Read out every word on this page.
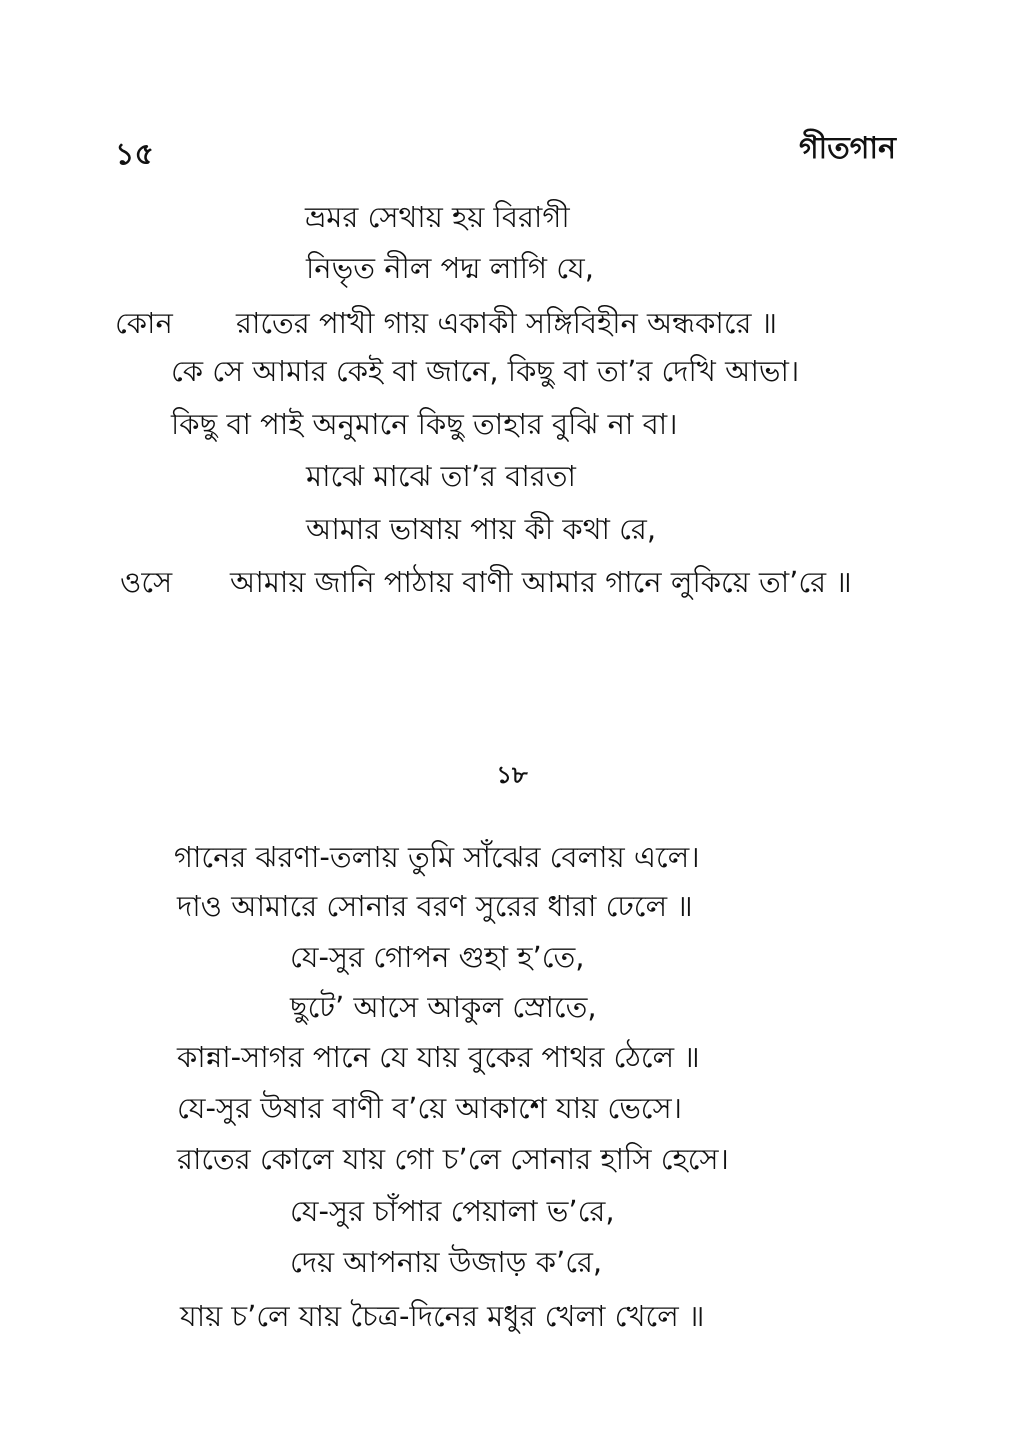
১৫	গীতগান
ভ্রমর সেথায় হয় বিরাগী
নিভৃত নীল পদ্ম লাগি যে,
কোন রাতের পাখী গায় একাকী সঙ্গিবিহীন অন্ধকারে ॥
কে সে আমার কেই বা জানে, কিছু বা তা’র দেখি আভা।
কিছু বা পাই অনুমানে কিছু তাহার বুঝি না বা।
মাঝে মাঝে তা’র বারতা
আমার ভাষায় পায় কী কথা রে,
ওসে আমায় জানি পাঠায় বাণী আমার গানে লুকিয়ে তা’রে ॥
১৮
গানের ঝরণা-তলায় তুমি সাঁঝের বেলায় এলে।
দাও আমারে সোনার বরণ সুরের ধারা ঢেলে ॥
যে-সুর গোপন গুহা হ’তে,
ছুটে’ আসে আকুল স্রোতে,
কান্না-সাগর পানে যে যায় বুকের পাথর ঠেলে ॥
যে-সুর উষার বাণী ব’য়ে আকাশে যায় ভেসে।
রাতের কোলে যায় গো চ’লে সোনার হাসি হেসে।
যে-সুর চাঁপার পেয়ালা ভ’রে,
দেয় আপনায় উজাড় ক’রে,
যায় চ’লে যায় চৈত্র-দিনের মধুর খেলা খেলে ॥
